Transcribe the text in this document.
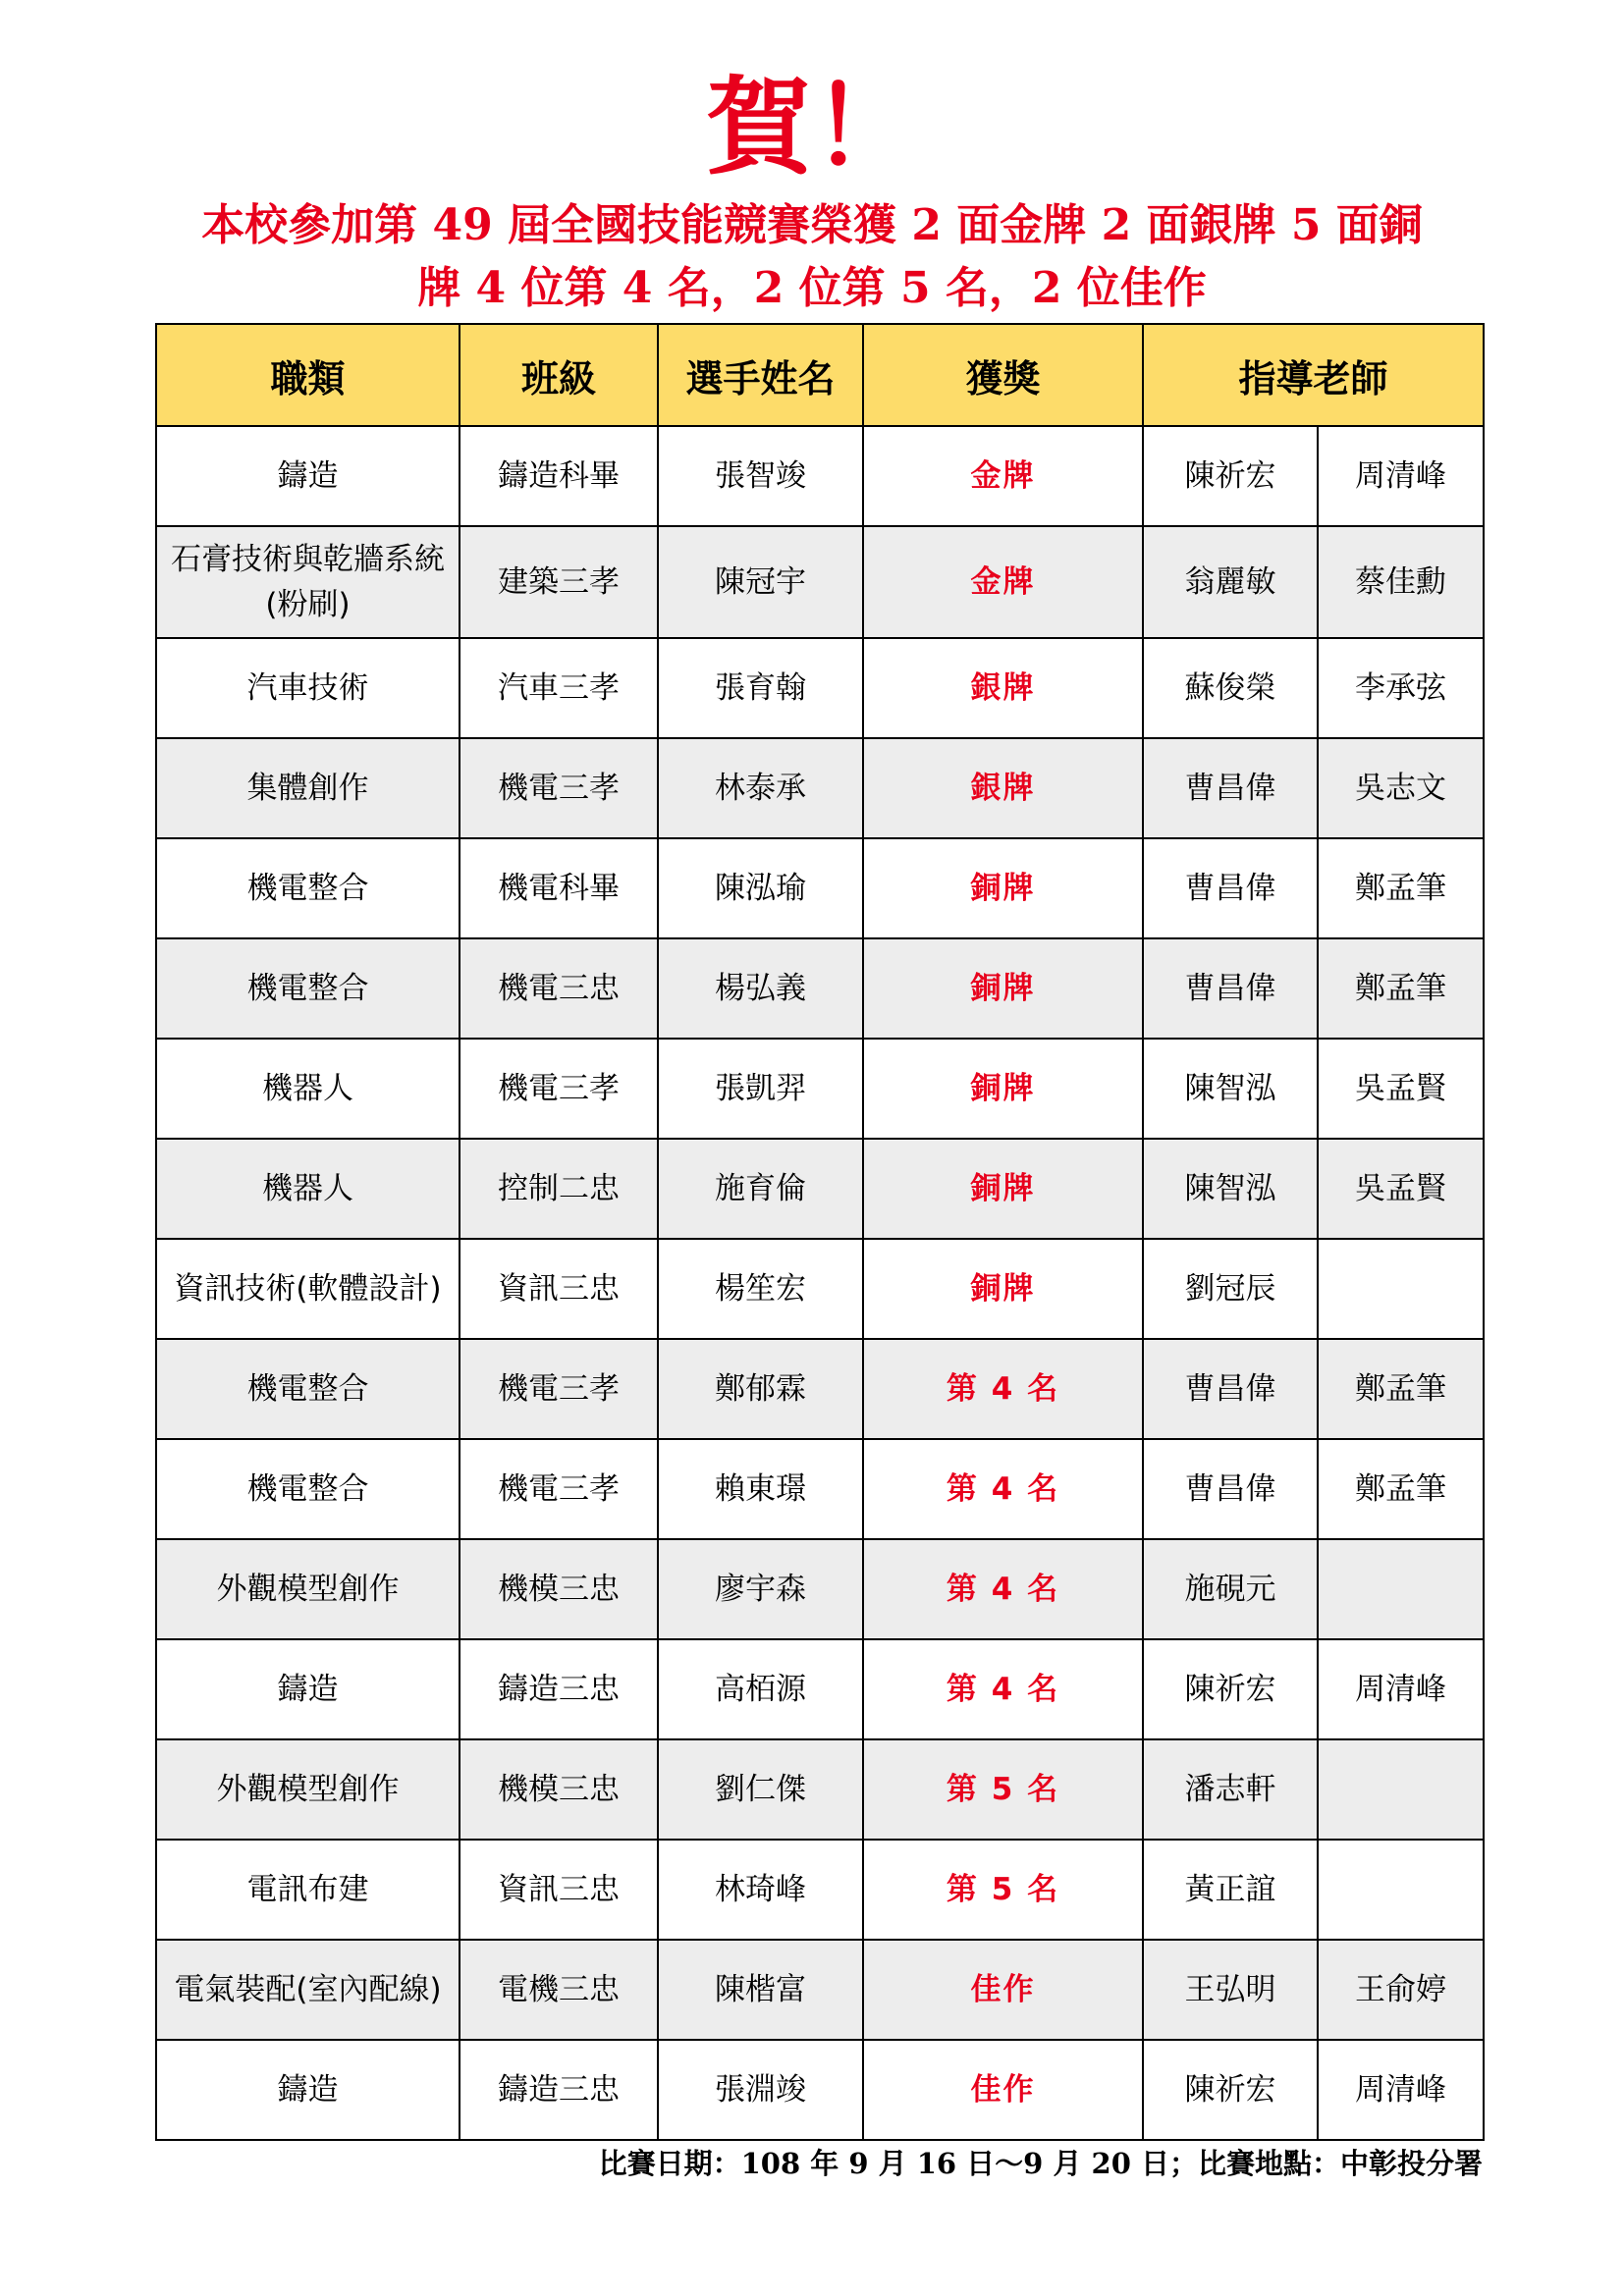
賀！
本校參加第 49 屆全國技能競賽榮獲 2 面金牌 2 面銀牌 5 面銅
牌 4 位第 4 名，2 位第 5 名，2 位佳作
職類	班級	選手姓名	獲獎	指導老師	
鑄造	鑄造科畢	張智竣	金牌	陳祈宏	周清峰
石膏技術與乾牆系統(粉刷)	建築三孝	陳冠宇	金牌	翁麗敏	蔡佳勳
汽車技術	汽車三孝	張育翰	銀牌	蘇俊榮	李承弦
集體創作	機電三孝	林泰承	銀牌	曹昌偉	吳志文
機電整合	機電科畢	陳泓瑜	銅牌	曹昌偉	鄭孟筆
機電整合	機電三忠	楊弘義	銅牌	曹昌偉	鄭孟筆
機器人	機電三孝	張凱羿	銅牌	陳智泓	吳孟賢
機器人	控制二忠	施育倫	銅牌	陳智泓	吳孟賢
資訊技術(軟體設計)	資訊三忠	楊笙宏	銅牌	劉冠辰	
機電整合	機電三孝	鄭郁霖	第 4 名	曹昌偉	鄭孟筆
機電整合	機電三孝	賴東璟	第 4 名	曹昌偉	鄭孟筆
外觀模型創作	機模三忠	廖宇森	第 4 名	施硯元	
鑄造	鑄造三忠	高栢源	第 4 名	陳祈宏	周清峰
外觀模型創作	機模三忠	劉仁傑	第 5 名	潘志軒	
電訊布建	資訊三忠	林琦峰	第 5 名	黃正誼	
電氣裝配(室內配線)	電機三忠	陳楷富	佳作	王弘明	王俞婷
鑄造	鑄造三忠	張淵竣	佳作	陳祈宏	周清峰
比賽日期：108 年 9 月 16 日～9 月 20 日；比賽地點：中彰投分署
